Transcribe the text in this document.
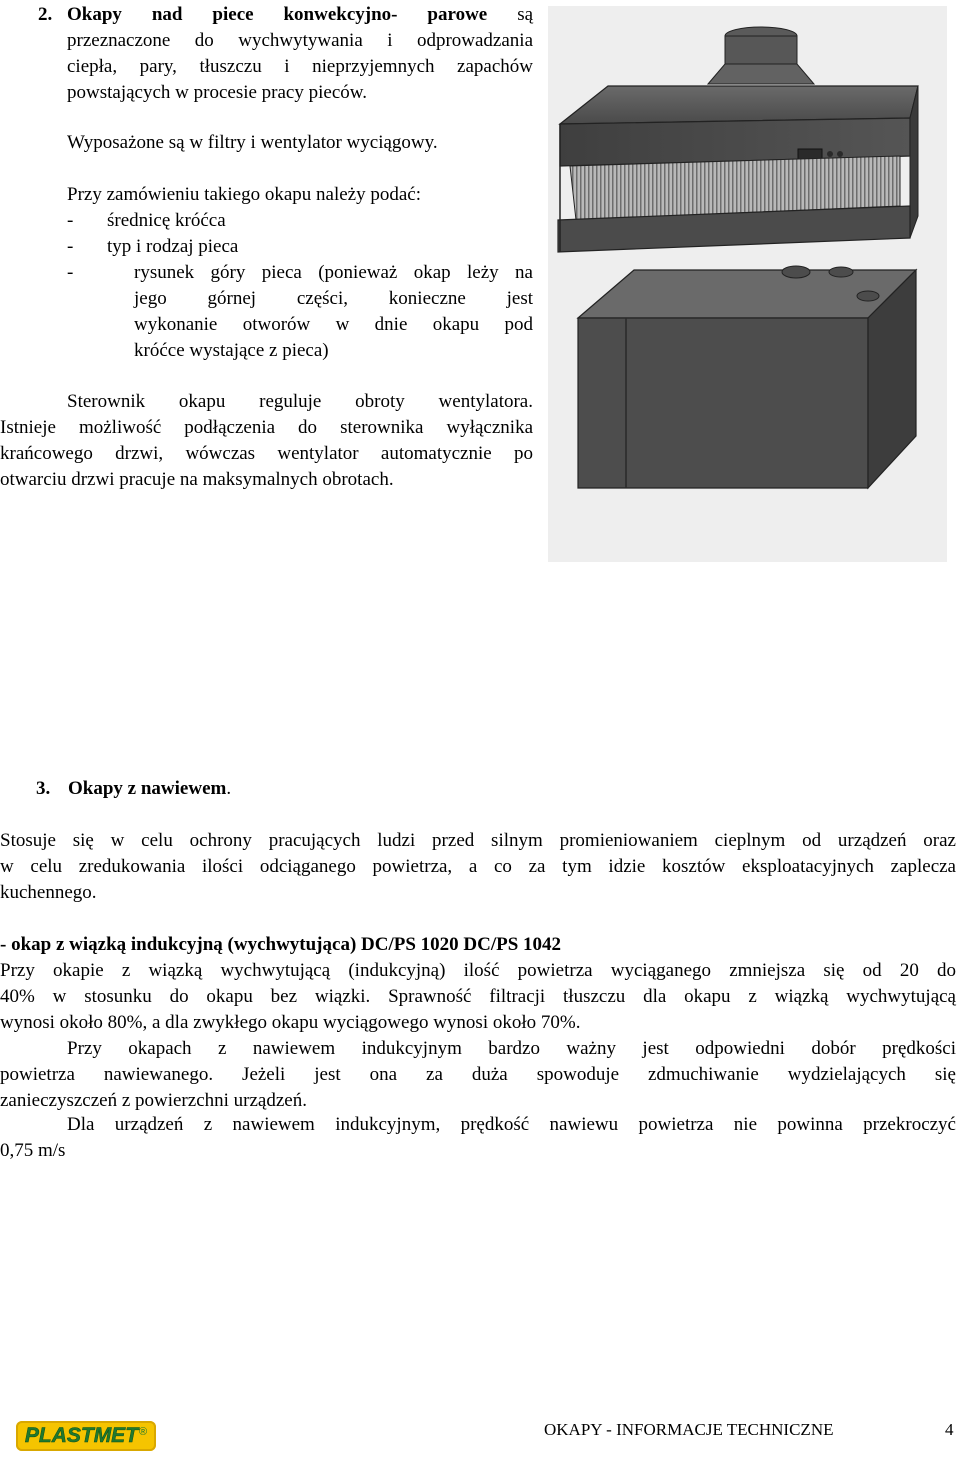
2. Okapy nad piece konwekcyjno- parowe są
przeznaczone do wychwytywania i odprowadzania
ciepła, pary, tłuszczu i nieprzyjemnych zapachów
powstających w procesie pracy pieców.
Wyposażone są w filtry i wentylator wyciągowy.
Przy zamówieniu takiego okapu należy podać:
- średnicę króćca
- typ i rodzaj pieca
-	rysunek góry pieca (ponieważ okap leży na
jego górnej części, konieczne jest
wykonanie otworów w dnie okapu pod
króćce wystające z pieca)
Sterownik okapu reguluje obroty wentylatora.
Istnieje możliwość podłączenia do sterownika wyłącznika
krańcowego drzwi, wówczas wentylator automatycznie po
otwarciu drzwi pracuje na maksymalnych obrotach.
3. Okapy z nawiewem.
Stosuje się w celu ochrony pracujących ludzi przed silnym promieniowaniem cieplnym od urządzeń oraz
w celu zredukowania ilości odciąganego powietrza, a co za tym idzie kosztów eksploatacyjnych zaplecza
kuchennego.
- okap z wiązką indukcyjną (wychwytująca) DC/PS 1020 DC/PS 1042
Przy okapie z wiązką wychwytującą (indukcyjną) ilość powietrza wyciąganego zmniejsza się od 20 do
40% w stosunku do okapu bez wiązki. Sprawność filtracji tłuszczu dla okapu z wiązką wychwytującą
wynosi około 80%, a dla zwykłego okapu wyciągowego wynosi około 70%.
Przy okapach z nawiewem indukcyjnym bardzo ważny jest odpowiedni dobór prędkości
powietrza nawiewanego. Jeżeli jest ona za duża spowoduje zdmuchiwanie wydzielających się
zanieczyszczeń z powierzchni urządzeń.
Dla urządzeń z nawiewem indukcyjnym, prędkość nawiewu powietrza nie powinna przekroczyć
0,75 m/s
PLASTMET ®	OKAPY - INFORMACJE TECHNICZNE	4
